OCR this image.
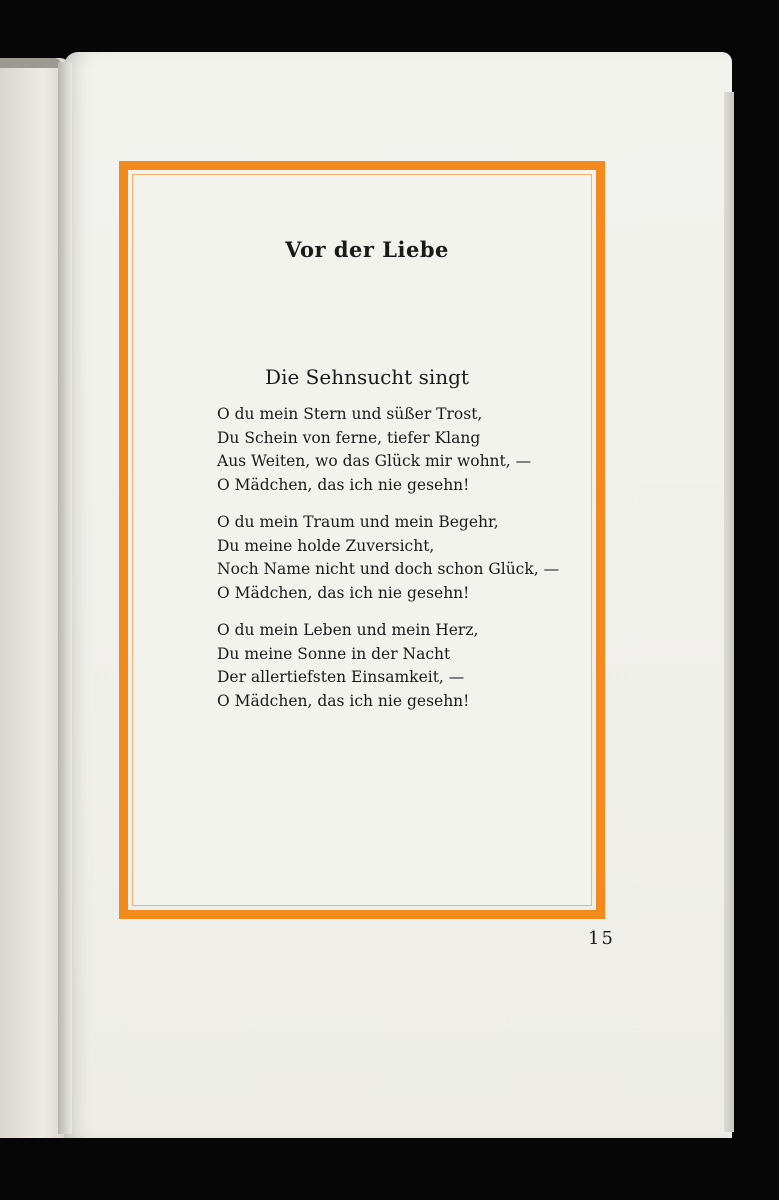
Vor der Liebe
Die Sehnsucht singt

O du mein Stern und süßer Trost,
Du Schein von ferne, tiefer Klang
Aus Weiten, wo das Glück mir wohnt, —
O Mädchen, das ich nie gesehn!

O du mein Traum und mein Begehr,
Du meine holde Zuversicht,
Noch Name nicht und doch schon Glück, —
O Mädchen, das ich nie gesehn!

O du mein Leben und mein Herz,
Du meine Sonne in der Nacht
Der allertiefsten Einsamkeit, —
O Mädchen, das ich nie gesehn!

15
